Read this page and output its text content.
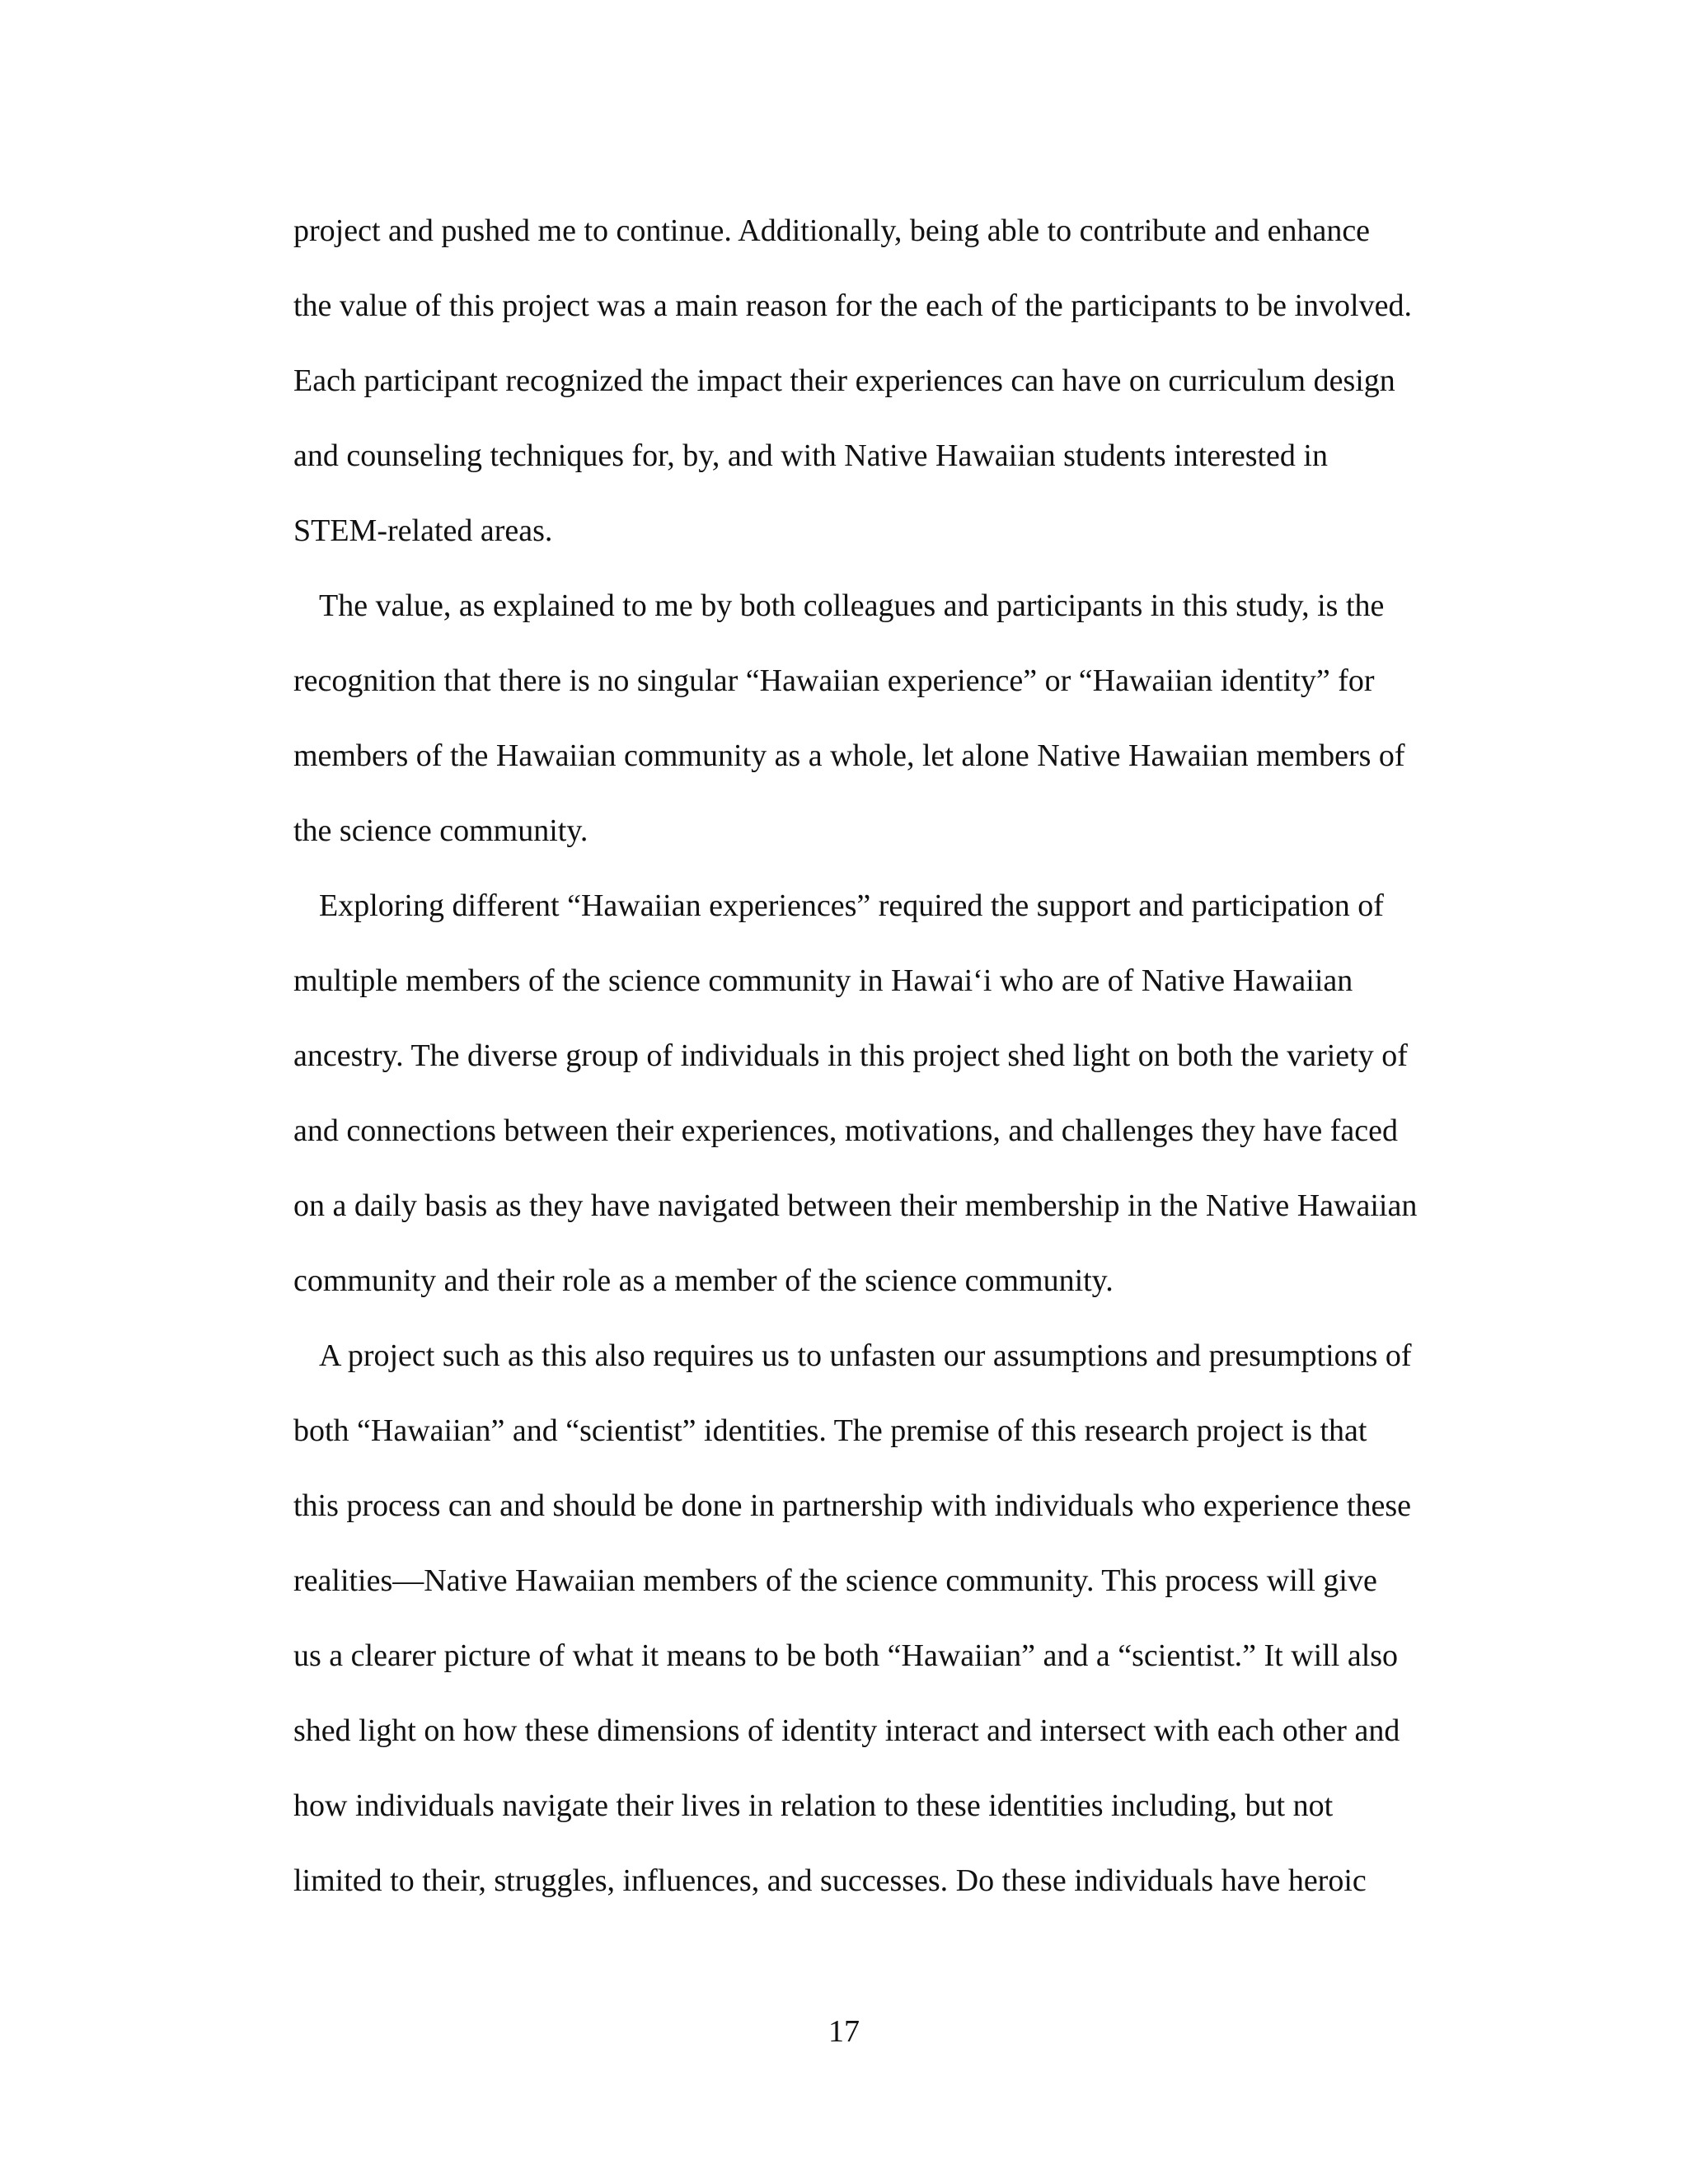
project and pushed me to continue. Additionally, being able to contribute and enhance
the value of this project was a main reason for the each of the participants to be involved.
Each participant recognized the impact their experiences can have on curriculum design
and counseling techniques for, by, and with Native Hawaiian students interested in
STEM-related areas.
The value, as explained to me by both colleagues and participants in this study, is the
recognition that there is no singular “Hawaiian experience” or “Hawaiian identity” for
members of the Hawaiian community as a whole, let alone Native Hawaiian members of
the science community.
Exploring different “Hawaiian experiences” required the support and participation of
multiple members of the science community in Hawai‘i who are of Native Hawaiian
ancestry. The diverse group of individuals in this project shed light on both the variety of
and connections between their experiences, motivations, and challenges they have faced
on a daily basis as they have navigated between their membership in the Native Hawaiian
community and their role as a member of the science community.
A project such as this also requires us to unfasten our assumptions and presumptions of
both “Hawaiian” and “scientist” identities. The premise of this research project is that
this process can and should be done in partnership with individuals who experience these
realities—Native Hawaiian members of the science community. This process will give
us a clearer picture of what it means to be both “Hawaiian” and a “scientist.” It will also
shed light on how these dimensions of identity interact and intersect with each other and
how individuals navigate their lives in relation to these identities including, but not
limited to their, struggles, influences, and successes. Do these individuals have heroic
17
